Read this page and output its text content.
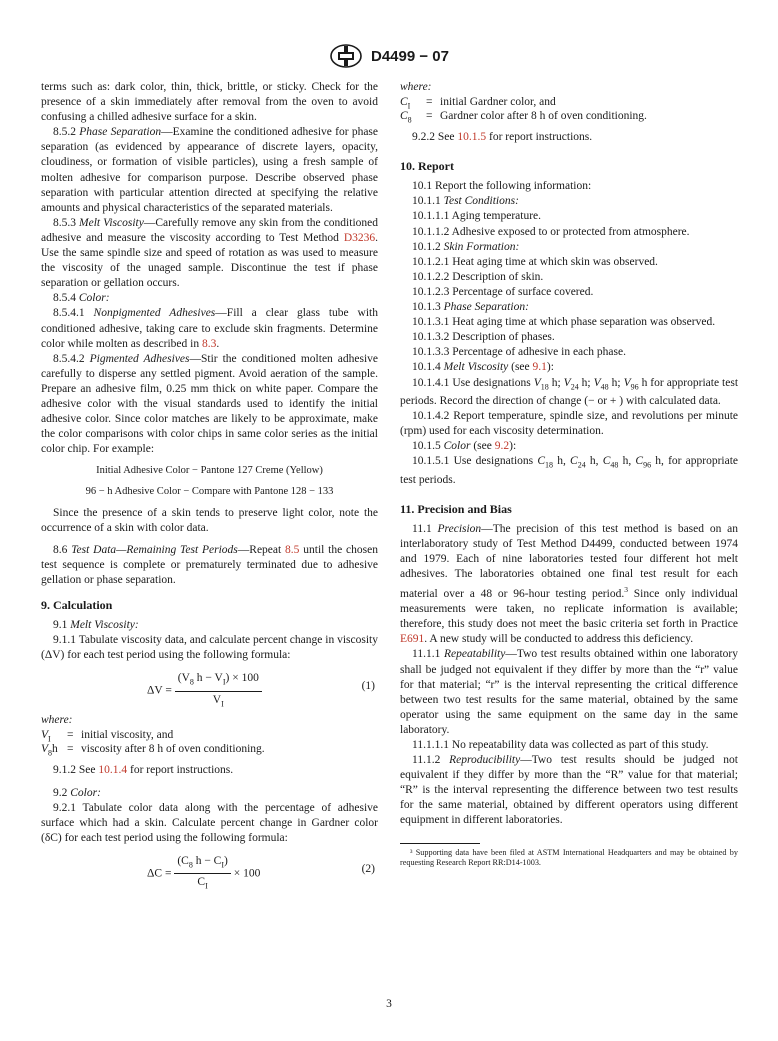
D4499 − 07

terms such as: dark color, thin, thick, brittle, or sticky. Check for the presence of a skin immediately after removal from the oven to avoid confusing a chilled adhesive surface for a skin.

8.5.2 Phase Separation—Examine the conditioned adhesive for phase separation (as evidenced by appearance of discrete layers, opacity, cloudiness, or formation of visible particles), using a fresh sample of molten adhesive for comparison purpose. Describe observed phase separation with particular attention directed at specifying the relative amounts and physical characteristics of the separated materials.

8.5.3 Melt Viscosity—Carefully remove any skin from the conditioned adhesive and measure the viscosity according to Test Method D3236. Use the same spindle size and speed of rotation as was used to measure the viscosity of the unaged sample. Discontinue the test if phase separation or gellation occurs.

8.5.4 Color:

8.5.4.1 Nonpigmented Adhesives—Fill a clear glass tube with conditioned adhesive, taking care to exclude skin fragments. Determine color while molten as described in 8.3.

8.5.4.2 Pigmented Adhesives—Stir the conditioned molten adhesive carefully to disperse any settled pigment. Avoid aeration of the sample. Prepare an adhesive film, 0.25 mm thick on white paper. Compare the adhesive color with the visual standards used to identify the initial adhesive color. Since color matches are likely to be approximate, make the color comparisons with color chips in same color series as the initial color chip. For example:

Initial Adhesive Color − Pantone 127 Creme (Yellow)

96 − h Adhesive Color − Compare with Pantone 128 − 133

Since the presence of a skin tends to preserve light color, note the occurrence of a skin with color data.

8.6 Test Data—Remaining Test Periods—Repeat 8.5 until the chosen test sequence is complete or prematurely terminated due to adhesive gellation or phase separation.

9. Calculation

9.1 Melt Viscosity:

9.1.1 Tabulate viscosity data, and calculate percent change in viscosity (ΔV) for each test period using the following formula:

$\Delta V = \frac{(V_8 h - V_I) \times 100}{V_I}$	(1)

where:

$V_I$ = initial viscosity, and
$V_8h$ = viscosity after 8 h of oven conditioning.

9.1.2 See 10.1.4 for report instructions.

9.2 Color:

9.2.1 Tabulate color data along with the percentage of adhesive surface which had a skin. Calculate percent change in Gardner color (δC) for each test period using the following formula:

$\Delta C = \frac{(C_8 h - C_I)}{C_I} \times 100$	(2)

where:

$C_I$ = initial Gardner color, and
$C_8$ = Gardner color after 8 h of oven conditioning.

9.2.2 See 10.1.5 for report instructions.

10. Report

10.1 Report the following information:

10.1.1 Test Conditions:

10.1.1.1 Aging temperature.

10.1.1.2 Adhesive exposed to or protected from atmosphere.

10.1.2 Skin Formation:

10.1.2.1 Heat aging time at which skin was observed.

10.1.2.2 Description of skin.

10.1.2.3 Percentage of surface covered.

10.1.3 Phase Separation:

10.1.3.1 Heat aging time at which phase separation was observed.

10.1.3.2 Description of phases.

10.1.3.3 Percentage of adhesive in each phase.

10.1.4 Melt Viscosity (see 9.1):

10.1.4.1 Use designations $V_{18}$ h; $V_{24}$ h; $V_{48}$ h; $V_{96}$ h for appropriate test periods. Record the direction of change (− or + ) with calculated data.

10.1.4.2 Report temperature, spindle size, and revolutions per minute (rpm) used for each viscosity determination.

10.1.5 Color (see 9.2):

10.1.5.1 Use designations $C_{18}$ h, $C_{24}$ h, $C_{48}$ h, $C_{96}$ h, for appropriate test periods.

11. Precision and Bias

11.1 Precision—The precision of this test method is based on an interlaboratory study of Test Method D4499, conducted between 1974 and 1979. Each of nine laboratories tested four different hot melt adhesives. The laboratories obtained one final test result for each material over a 48 or 96-hour testing period.$^3$ Since only individual measurements were taken, no replicate information is available; therefore, this study does not meet the basic criteria set forth in Practice E691. A new study will be conducted to address this deficiency.

11.1.1 Repeatability—Two test results obtained within one laboratory shall be judged not equivalent if they differ by more than the “r” value for that material; “r” is the interval representing the critical difference between two test results for the same material, obtained by the same operator using the same equipment on the same day in the same laboratory.

11.1.1.1 No repeatability data was collected as part of this study.

11.1.2 Reproducibility—Two test results should be judged not equivalent if they differ by more than the “R” value for that material; “R” is the interval representing the difference between two test results for the same material, obtained by different operators using different equipment in different laboratories.

³ Supporting data have been filed at ASTM International Headquarters and may be obtained by requesting Research Report RR:D14-1003.

3
